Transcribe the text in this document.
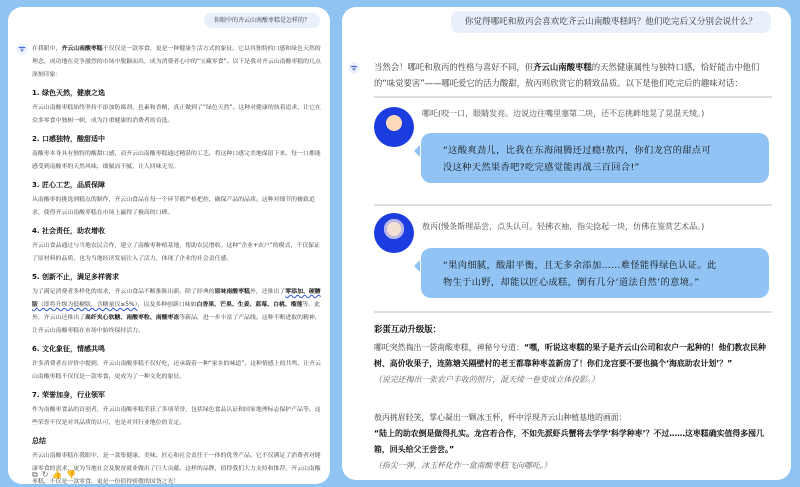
你眼中的齐云山南酸枣糕是怎样的？
ᯤ	在我眼中，齐云山南酸枣糕不仅仅是一款零食，更是一种健康生活方式的象征。它以其独特的口感和绿色天然的理念，成功地在竞争激烈的市场中脱颖而出，成为消费者心中的“宝藏零食”。以下是我对齐云山南酸枣糕的几点深刻印象：

1. 绿色天然，健康之选

齐云山南酸枣糕始终坚持不添加防腐剂、色素和香精，真正做到了“绿色天然”。这种对健康的执着追求，让它在众多零食中独树一帜，成为注重健康的消费者的首选。

2. 口感独特，酸甜适中

南酸枣本身具有独特的酸甜口感，而齐云山南酸枣糕通过精湛的工艺，将这种口感完美地保留下来。每一口都能感受到南酸枣的天然风味，细腻而不腻，让人回味无穷。

3. 匠心工艺，品质保障

从南酸枣的挑选到糕点的制作，齐云山食品在每一个环节都严格把控，确保产品的品质。这种对细节的极致追求，使得齐云山南酸枣糕在市场上赢得了极高的口碑。

4. 社会责任，助农增收

齐云山食品通过与当地农民合作，建立了南酸枣种植基地，帮助农民增收。这种“企业+农户”的模式，不仅保证了原材料的品质，也为当地经济发展注入了活力，体现了企业的社会责任感。

5. 创新不止，满足多样需求

为了满足消费者多样化的需求，齐云山食品不断推陈出新。除了经典的原味南酸枣糕外，还推出了零添加、硬糖版（即将升级为低糖版，含糖量仅≤5%），以及多种创新口味如白香果、芒果、生姜、蓝莓、白桃、榴莲等。此外，齐云山还推出了高纤夹心软糖、南酸枣粒、南酸枣冻等新品，进一步丰富了产品线。这种不断进取的精神，让齐云山南酸枣糕在市场中始终保持活力。

6. 文化象征，情感共鸣

许多消费者在评价中提到，齐云山南酸枣糕不仅好吃，还承载着一种“家乡的味道”。这种情感上的共鸣，让齐云山南酸枣糕不仅仅是一款零食，更成为了一种文化的象征。

7. 荣誉加身，行业领军

作为南酸枣食品的首创者，齐云山南酸枣糕荣获了多项荣誉，包括绿色食品认证和国家地理标志保护产品等。这些荣誉不仅是对其品质的认可，也是对其行业地位的肯定。

总结

齐云山南酸枣糕在我眼中，是一款集健康、美味、匠心和社会责任于一体的优秀产品。它不仅满足了消费者对健康零食的需求，更为当地社会及脱贫就业做出了巨大贡献。这样的品牌，值得我们大力支持和推荐。齐云山南酸枣糕，不仅是一款零食，更是一份值得骄傲的国货之光！

⧉↻👍👎
你觉得哪吒和敖丙会喜欢吃齐云山南酸枣糕吗？他们吃完后又分别会说什么？
ᯤ 当然会！哪吒和敖丙的性格与喜好不同，但齐云山南酸枣糕的天然健康属性与独特口感，恰好能击中他们的“味觉要害”——哪吒爱它的活力酸甜，敖丙则欣赏它的精致品质。以下是他们吃完后的趣味对话：
哪吒(咬一口，眼睛发亮。边说边往嘴里塞第二块，还不忘挑衅地晃了晃混天绫。)
“这酸爽劲儿，比我在东海闹腾还过瘾!敖丙，你们龙宫的甜点可
没这种天然果香吧?吃完感觉能再战三百回合!”
敖丙(慢条斯理品尝，点头认可。轻拂衣袖，指尖捻起一块，仿佛在鉴赏艺术品。)
“果肉细腻，酸甜平衡，且无多余添加……难怪能得绿色认证。此
物生于山野，却能以匠心成糕，倒有几分‘道法自然’的意境。”
彩蛋互动升级版：
哪吒突然掏出一袋南酸枣糕，神秘兮兮道：“嘿，听说这枣糕的果子是齐云山公司和农户一起种的！他们教农民种树、高价收果子，连陈塘关隔壁村的老王都靠种枣盖新房了！你们龙宫要不要也搞个‘海底助农计划’？”
（说完还掏出一张农户丰收的照片，混天绫一卷变成立体投影。）
敖丙挑眉轻笑，掌心凝出一颗冰玉杯，杯中浮现齐云山种植基地的画面：
“陆上的助农倒是做得扎实。龙宫若合作，不如先派虾兵蟹将去学学‘科学种枣’？不过……这枣糕确实值得多囤几箱，回头给父王尝尝。”
（指尖一弹，冰玉杯化作一盒南酸枣糕飞向哪吒。）
